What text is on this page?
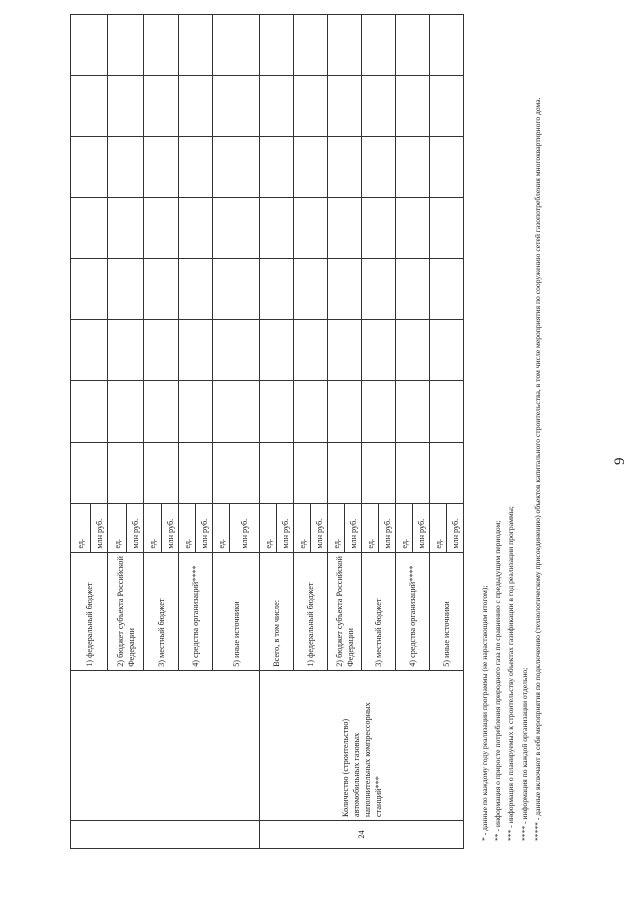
9
		1) федеральный бюджет	ед.								
			млн руб.								
		2) бюджет субъекта Российской Федерации	ед.								
			млн руб.								
		3) местный бюджет	ед.								
			млн руб.								
		4) средства организаций****	ед.								
			млн руб.								
		5) иные источники	ед.								
			млн руб.								

24	Количество (строительство) автомобильных газовых наполнительных компрессорных станций***	Всего, в том числе:	ед.								
			млн руб.								
		1) федеральный бюджет	ед.								
			млн руб.								
		2) бюджет субъекта Российской Федерации	ед.								
			млн руб.								
		3) местный бюджет	ед.								
			млн руб.								
		4) средства организаций****	ед.								
			млн руб.								
		5) иные источники	ед.								
			млн руб.								
* - данные по каждому году реализации программы (не нарастающим итогом); ** - информация о приросте потребления природного газа по сравнению с предыдущим периодом; *** - информация о планируемых к строительству объектах газификации в год реализации программы; **** - информация по каждой организации отдельно; ***** - данные включают в себя мероприятия по подключению (технологическому присоединению) объектов капитального строительства, в том числе мероприятия по сооружению сетей газопотребления многоквартирного дома.
